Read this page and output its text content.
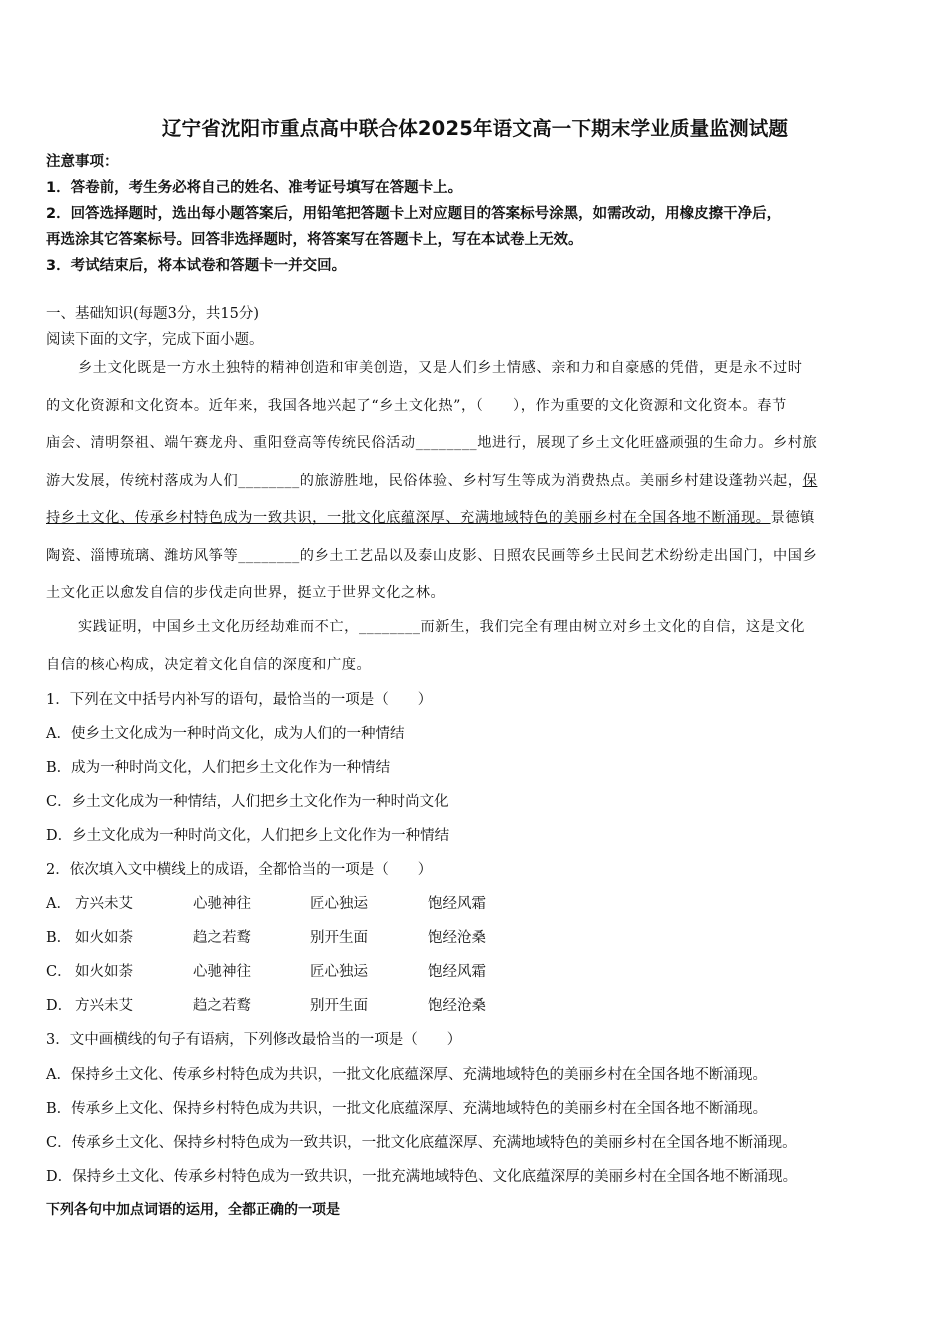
辽宁省沈阳市重点高中联合体2025年语文高一下期末学业质量监测试题
注意事项：
1．答卷前，考生务必将自己的姓名、准考证号填写在答题卡上。
2．回答选择题时，选出每小题答案后，用铅笔把答题卡上对应题目的答案标号涂黑，如需改动，用橡皮擦干净后，
再选涂其它答案标号。回答非选择题时，将答案写在答题卡上，写在本试卷上无效。
3．考试结束后，将本试卷和答题卡一并交回。
一、基础知识(每题3分，共15分)
阅读下面的文字，完成下面小题。
乡土文化既是一方水土独特的精神创造和审美创造，又是人们乡土情感、亲和力和自豪感的凭借，更是永不过时
的文化资源和文化资本。近年来，我国各地兴起了“乡土文化热”，（　　），作为重要的文化资源和文化资本。春节
庙会、清明祭祖、端午赛龙舟、重阳登高等传统民俗活动________地进行，展现了乡土文化旺盛顽强的生命力。乡村旅
游大发展，传统村落成为人们________的旅游胜地，民俗体验、乡村写生等成为消费热点。美丽乡村建设蓬勃兴起，保
持乡土文化、传承乡村特色成为一致共识，一批文化底蕴深厚、充满地域特色的美丽乡村在全国各地不断涌现。景德镇
陶瓷、淄博琉璃、潍坊风筝等________的乡土工艺品以及泰山皮影、日照农民画等乡土民间艺术纷纷走出国门，中国乡
土文化正以愈发自信的步伐走向世界，挺立于世界文化之林。
实践证明，中国乡土文化历经劫难而不亡，________而新生，我们完全有理由树立对乡土文化的自信，这是文化
自信的核心构成，决定着文化自信的深度和广度。
1．下列在文中括号内补写的语句，最恰当的一项是（　　）
A．使乡土文化成为一种时尚文化，成为人们的一种情结
B．成为一种时尚文化，人们把乡土文化作为一种情结
C．乡土文化成为一种情结，人们把乡土文化作为一种时尚文化
D．乡土文化成为一种时尚文化，人们把乡上文化作为一种情结
2．依次填入文中横线上的成语，全都恰当的一项是（　　）
A． 方兴未艾	心驰神往	匠心独运	饱经风霜
B． 如火如荼	趋之若鹜	别开生面	饱经沧桑
C． 如火如荼	心驰神往	匠心独运	饱经风霜
D． 方兴未艾	趋之若鹜	别开生面	饱经沧桑
3．文中画横线的句子有语病，下列修改最恰当的一项是（　　）
A．保持乡土文化、传承乡村特色成为共识，一批文化底蕴深厚、充满地域特色的美丽乡村在全国各地不断涌现。
B．传承乡上文化、保持乡村特色成为共识，一批文化底蕴深厚、充满地域特色的美丽乡村在全国各地不断涌现。
C．传承乡土文化、保持乡村特色成为一致共识，一批文化底蕴深厚、充满地域特色的美丽乡村在全国各地不断涌现。
D．保持乡土文化、传承乡村特色成为一致共识，一批充满地域特色、文化底蕴深厚的美丽乡村在全国各地不断涌现。
下列各句中加点词语的运用，全都正确的一项是
